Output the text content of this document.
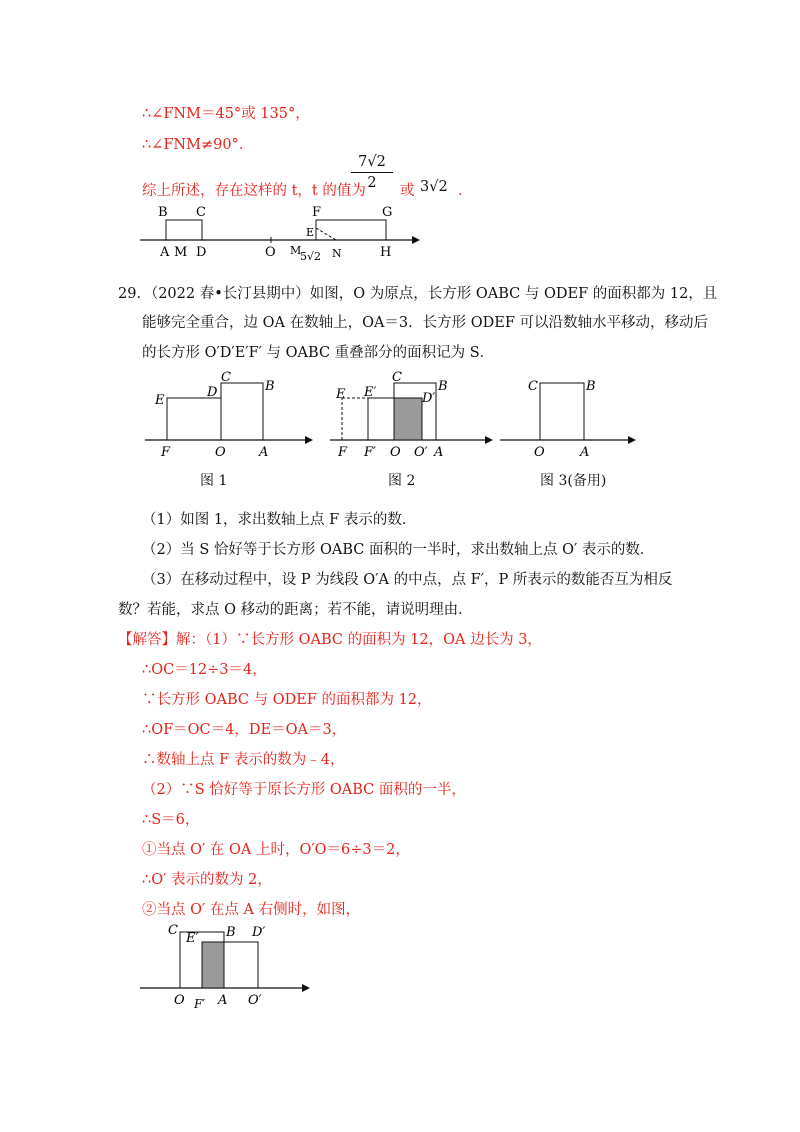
∴∠FNM＝45°或 135°，
∴∠FNM≠90°．
综上所述，存在这样的 t，t 的值为
$\frac{7√2}{2}$ 或 3√2 ．
B C
A M D	O
F	G
E
M
5√2 N	H
29．（2022 春•长汀县期中）如图，O 为原点，长方形 OABC 与 ODEF 的面积都为 12，且
能够完全重合，边 OA 在数轴上，OA＝3．长方形 ODEF 可以沿数轴水平移动，移动后
的长方形 O′D′E′F′ 与 OABC 重叠部分的面积记为 S．
C
B
D
E
F	O	A
图 1
E E′
C
B
D′
F F′ O O′ A
图 2
C	B
O	A
图 3(备用)
（1）如图 1，求出数轴上点 F 表示的数．
（2）当 S 恰好等于长方形 OABC 面积的一半时，求出数轴上点 O′ 表示的数．
（3）在移动过程中，设 P 为线段 O′A 的中点，点 F′，P 所表示的数能否互为相反
数？若能，求点 O 移动的距离；若不能，请说明理由．
【解答】解：（1）∵长方形 OABC 的面积为 12，OA 边长为 3，
∴OC＝12÷3＝4，
∵长方形 OABC 与 ODEF 的面积都为 12，
∴OF＝OC＝4，DE＝OA＝3，
∴数轴上点 F 表示的数为﹣4，
（2）∵S 恰好等于原长方形 OABC 面积的一半，
∴S＝6，
①当点 O′ 在 OA 上时，O′O＝6÷3＝2，
∴O′ 表示的数为 2，
②当点 O′ 在点 A 右侧时，如图，
C
E′ B D′
O F′ A O′
